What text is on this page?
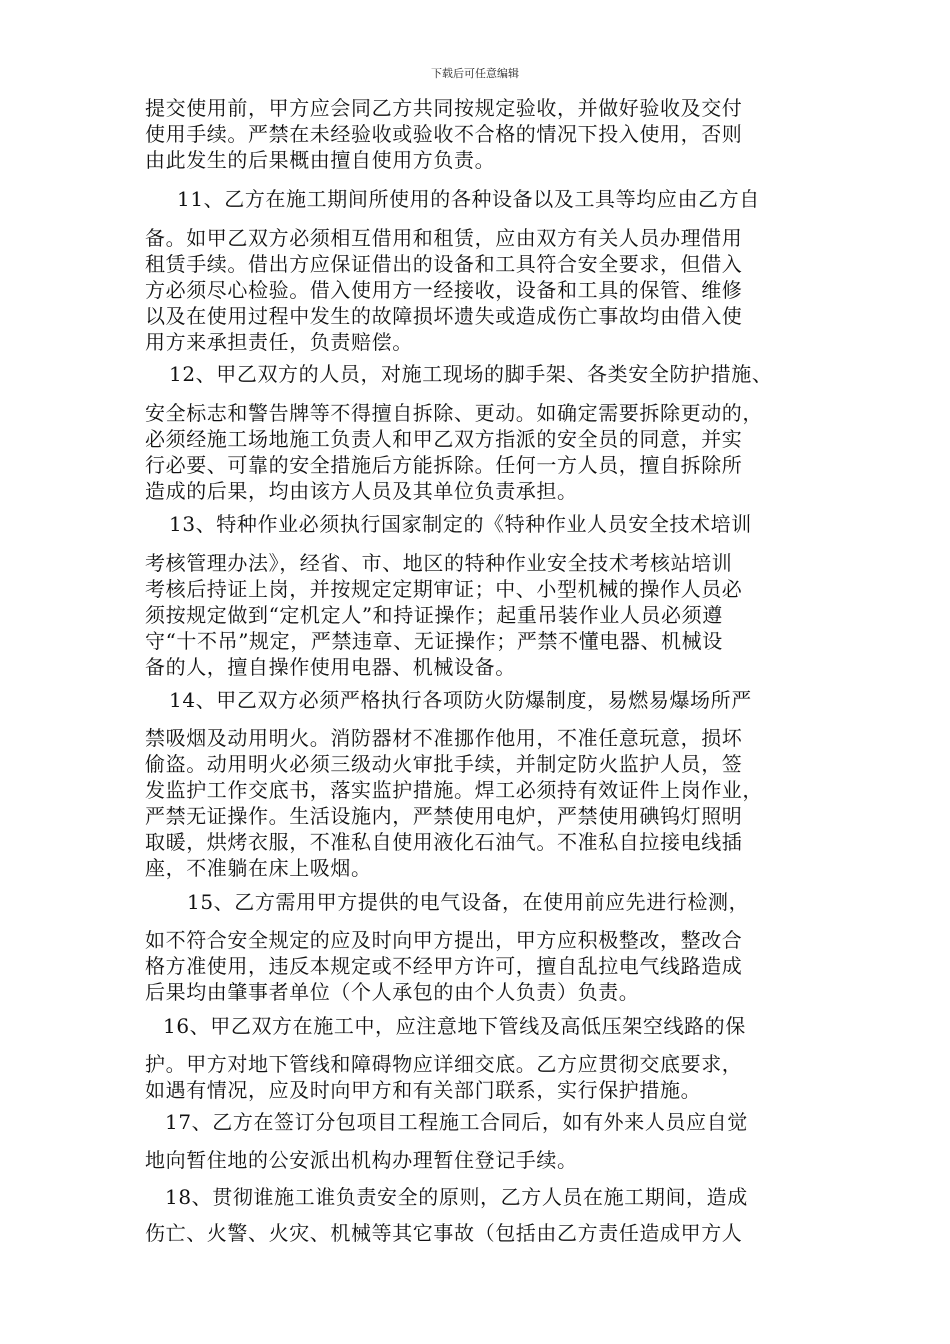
下载后可任意编辑
提交使用前，甲方应会同乙方共同按规定验收，并做好验收及交付
使用手续。严禁在未经验收或验收不合格的情况下投入使用，否则
由此发生的后果概由擅自使用方负责。
11、乙方在施工期间所使用的各种设备以及工具等均应由乙方自
备。如甲乙双方必须相互借用和租赁，应由双方有关人员办理借用
租赁手续。借出方应保证借出的设备和工具符合安全要求，但借入
方必须尽心检验。借入使用方一经接收，设备和工具的保管、维修
以及在使用过程中发生的故障损坏遗失或造成伤亡事故均由借入使
用方来承担责任，负责赔偿。
12、甲乙双方的人员，对施工现场的脚手架、各类安全防护措施、
安全标志和警告牌等不得擅自拆除、更动。如确定需要拆除更动的，
必须经施工场地施工负责人和甲乙双方指派的安全员的同意，并实
行必要、可靠的安全措施后方能拆除。任何一方人员，擅自拆除所
造成的后果，均由该方人员及其单位负责承担。
13、特种作业必须执行国家制定的《特种作业人员安全技术培训
考核管理办法》，经省、市、地区的特种作业安全技术考核站培训
考核后持证上岗，并按规定定期审证；中、小型机械的操作人员必
须按规定做到“定机定人”和持证操作；起重吊装作业人员必须遵
守“十不吊”规定，严禁违章、无证操作；严禁不懂电器、机械设
备的人，擅自操作使用电器、机械设备。
14、甲乙双方必须严格执行各项防火防爆制度，易燃易爆场所严
禁吸烟及动用明火。消防器材不准挪作他用，不准任意玩意，损坏
偷盗。动用明火必须三级动火审批手续，并制定防火监护人员，签
发监护工作交底书，落实监护措施。焊工必须持有效证件上岗作业，
严禁无证操作。生活设施内，严禁使用电炉，严禁使用碘钨灯照明
取暖，烘烤衣服，不准私自使用液化石油气。不准私自拉接电线插
座，不准躺在床上吸烟。
15、乙方需用甲方提供的电气设备，在使用前应先进行检测，
如不符合安全规定的应及时向甲方提出，甲方应积极整改，整改合
格方准使用，违反本规定或不经甲方许可，擅自乱拉电气线路造成
后果均由肇事者单位（个人承包的由个人负责）负责。
16、甲乙双方在施工中，应注意地下管线及高低压架空线路的保
护。甲方对地下管线和障碍物应详细交底。乙方应贯彻交底要求，
如遇有情况，应及时向甲方和有关部门联系，实行保护措施。
17、乙方在签订分包项目工程施工合同后，如有外来人员应自觉
地向暂住地的公安派出机构办理暂住登记手续。
18、贯彻谁施工谁负责安全的原则，乙方人员在施工期间，造成
伤亡、火警、火灾、机械等其它事故（包括由乙方责任造成甲方人
